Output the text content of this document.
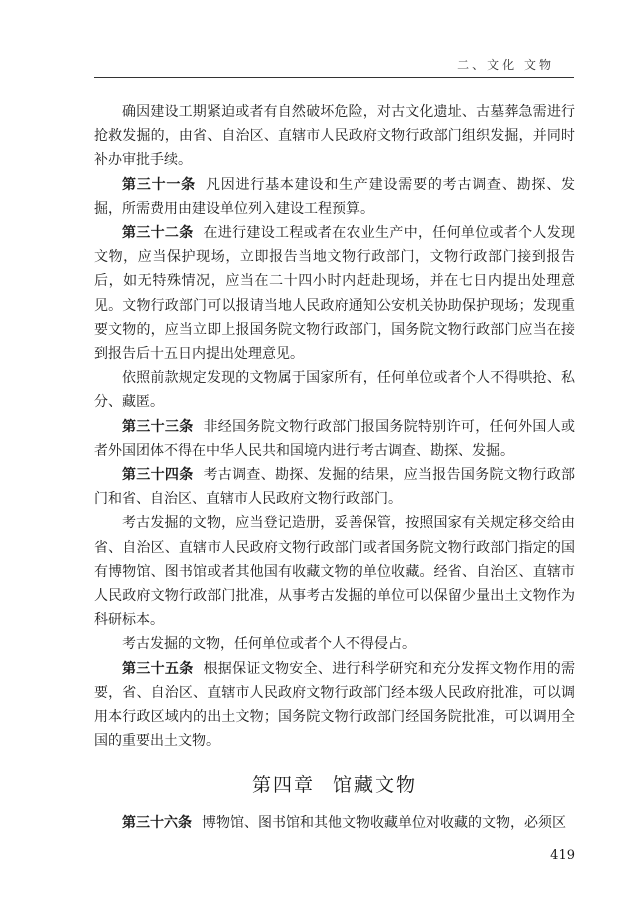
二、文化 文物

确因建设工期紧迫或者有自然破坏危险，对古文化遗址、古墓葬急需进行抢救发掘的，由省、自治区、直辖市人民政府文物行政部门组织发掘，并同时补办审批手续。

第三十一条 凡因进行基本建设和生产建设需要的考古调查、勘探、发掘，所需费用由建设单位列入建设工程预算。

第三十二条 在进行建设工程或者在农业生产中，任何单位或者个人发现文物，应当保护现场，立即报告当地文物行政部门，文物行政部门接到报告后，如无特殊情况，应当在二十四小时内赶赴现场，并在七日内提出处理意见。文物行政部门可以报请当地人民政府通知公安机关协助保护现场；发现重要文物的，应当立即上报国务院文物行政部门，国务院文物行政部门应当在接到报告后十五日内提出处理意见。

依照前款规定发现的文物属于国家所有，任何单位或者个人不得哄抢、私分、藏匿。

第三十三条 非经国务院文物行政部门报国务院特别许可，任何外国人或者外国团体不得在中华人民共和国境内进行考古调查、勘探、发掘。

第三十四条 考古调查、勘探、发掘的结果，应当报告国务院文物行政部门和省、自治区、直辖市人民政府文物行政部门。

考古发掘的文物，应当登记造册，妥善保管，按照国家有关规定移交给由省、自治区、直辖市人民政府文物行政部门或者国务院文物行政部门指定的国有博物馆、图书馆或者其他国有收藏文物的单位收藏。经省、自治区、直辖市人民政府文物行政部门批准，从事考古发掘的单位可以保留少量出土文物作为科研标本。

考古发掘的文物，任何单位或者个人不得侵占。

第三十五条 根据保证文物安全、进行科学研究和充分发挥文物作用的需要，省、自治区、直辖市人民政府文物行政部门经本级人民政府批准，可以调用本行政区域内的出土文物；国务院文物行政部门经国务院批准，可以调用全国的重要出土文物。

第四章 馆藏文物

第三十六条 博物馆、图书馆和其他文物收藏单位对收藏的文物，必须区

419
